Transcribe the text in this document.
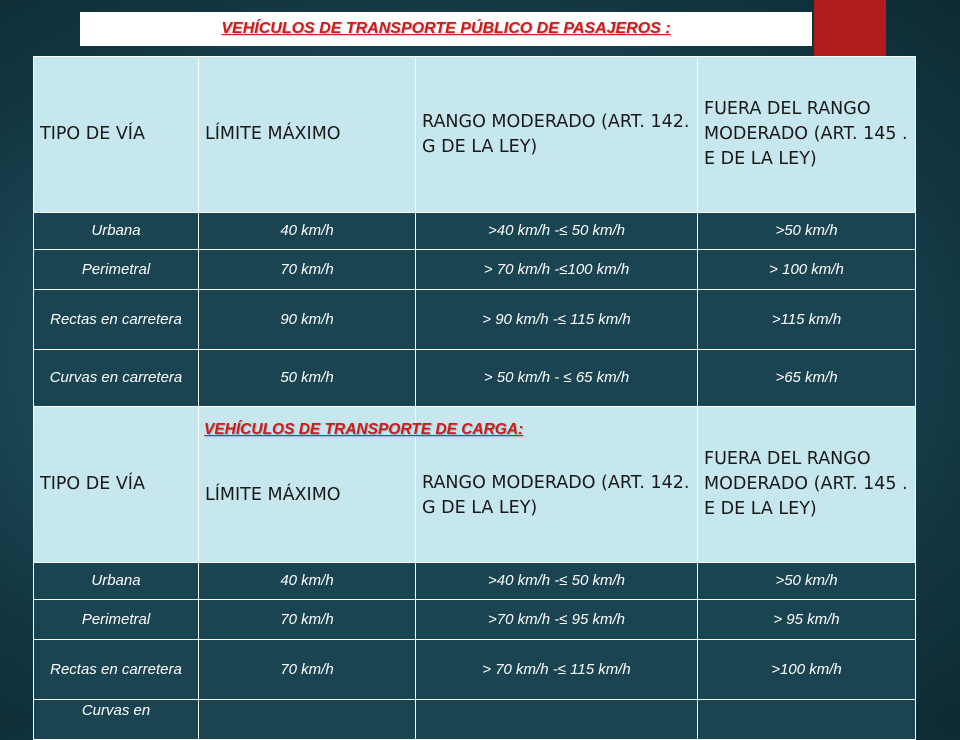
VEHÍCULOS DE TRANSPORTE PÚBLICO DE PASAJEROS :
TIPO DE VÍA	LÍMITE MÁXIMO	RANGO MODERADO (ART. 142. G DE LA LEY)	FUERA DEL RANGO MODERADO (ART. 145 . E DE LA LEY)
Urbana	40 km/h	>40 km/h -≤ 50 km/h	>50 km/h
Perimetral	70 km/h	> 70 km/h -≤100 km/h	> 100 km/h
Rectas en carretera	90 km/h	> 90 km/h -≤ 115 km/h	>115 km/h
Curvas en carretera	50 km/h	> 50 km/h - ≤ 65 km/h	>65 km/h
TIPO DE VÍA	LÍMITE MÁXIMO	RANGO MODERADO (ART. 142. G DE LA LEY)	FUERA DEL RANGO MODERADO (ART. 145 . E DE LA LEY)
Urbana	40 km/h	>40 km/h -≤ 50 km/h	>50 km/h
Perimetral	70 km/h	>70 km/h -≤ 95 km/h	> 95 km/h
Rectas en carretera	70 km/h	> 70 km/h -≤ 115 km/h	>100 km/h
Curvas en			
VEHÍCULOS DE TRANSPORTE DE CARGA:
